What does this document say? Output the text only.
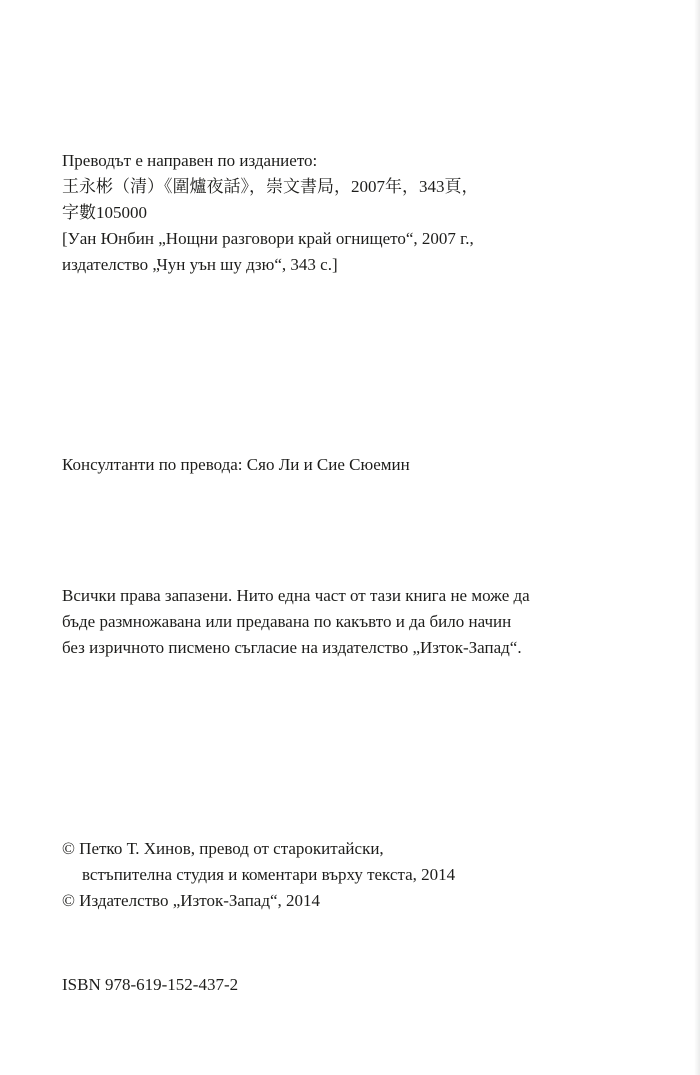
Преводът е направен по изданието:
王永彬（清）《圍爐夜話》，崇文書局，2007年，343頁，
字數105000
[Уан Юнбин „Нощни разговори край огнището“, 2007 г.,
издателство „Чун уън шу дзю“, 343 с.]
Консултанти по превода: Сяо Ли и Сие Сюемин
Всички права запазени. Нито една част от тази книга не може да
бъде размножавана или предавана по какъвто и да било начин
без изричното писмено съгласие на издателство „Изток-Запад“.
© Петко Т. Хинов, превод от старокитайски,
встъпителна студия и коментари върху текста, 2014
© Издателство „Изток-Запад“, 2014
ISBN 978-619-152-437-2
